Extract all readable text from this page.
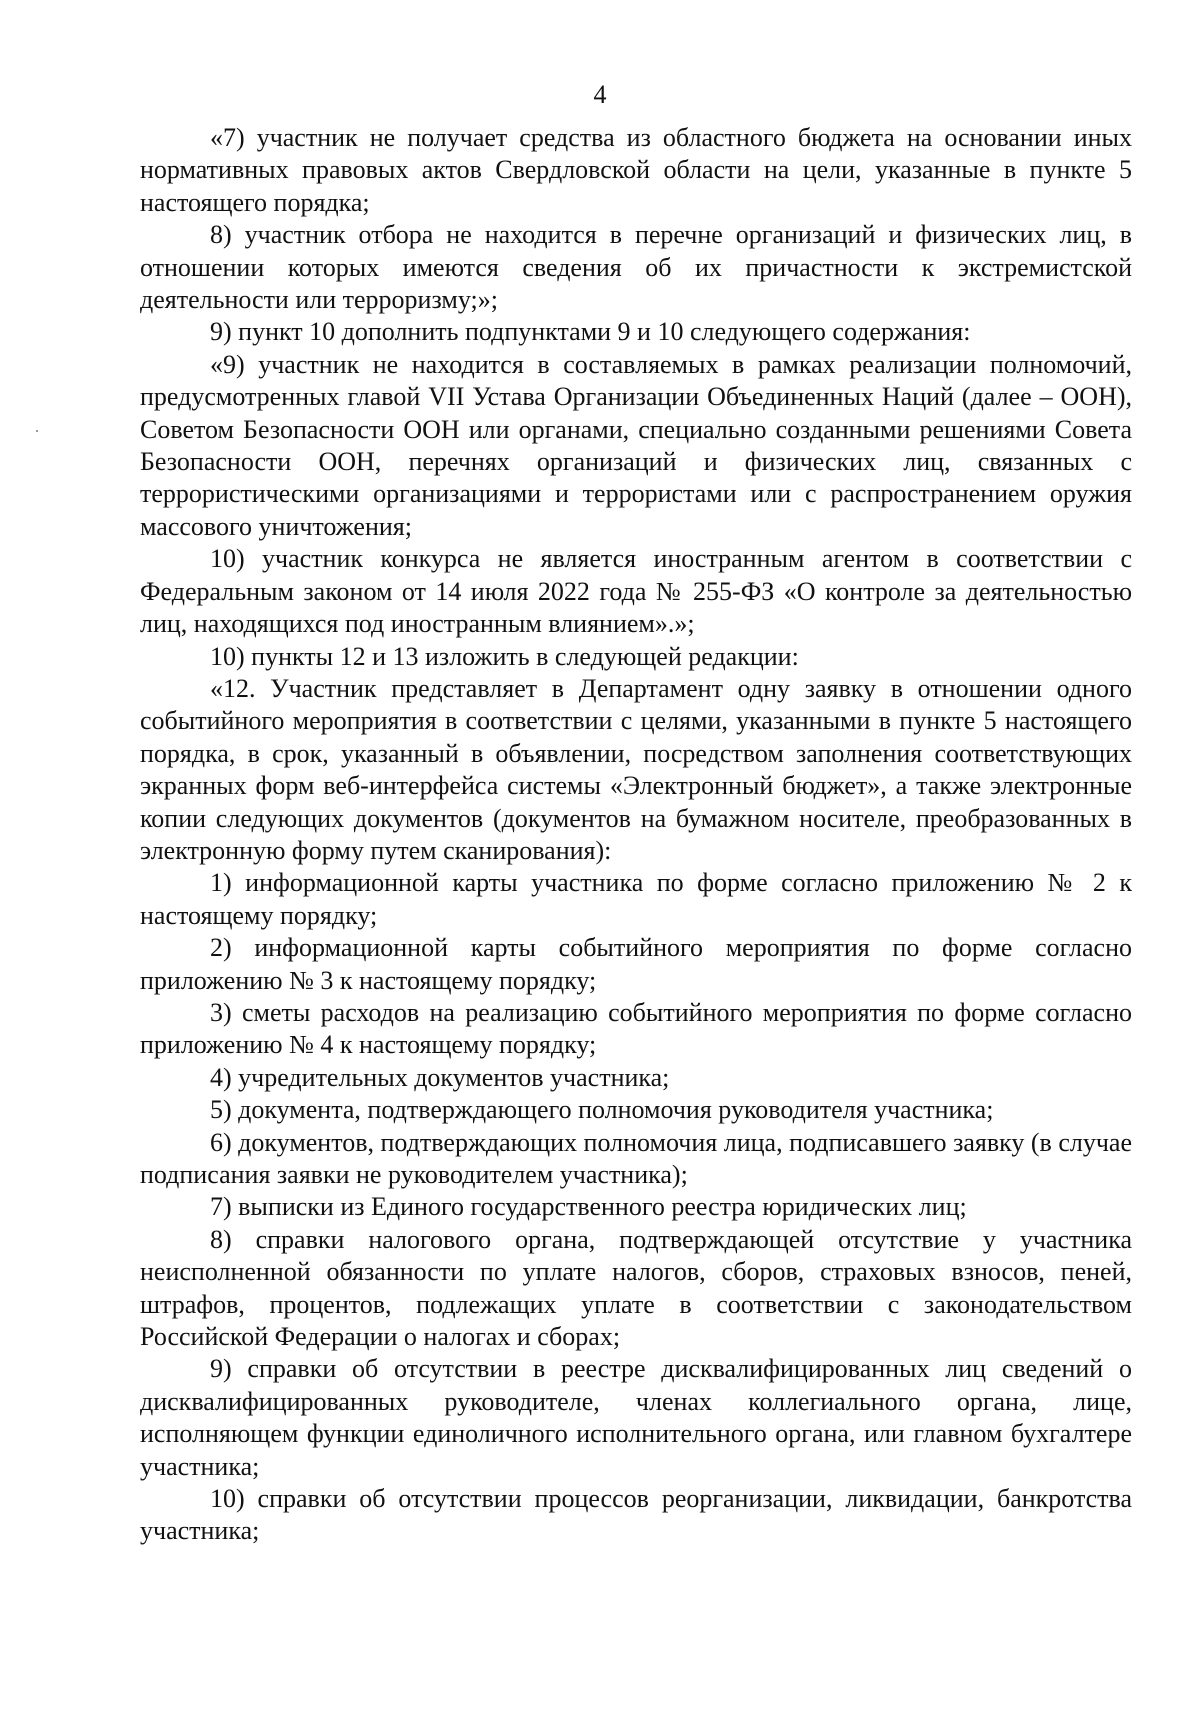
4

«7) участник не получает средства из областного бюджета на основании иных нормативных правовых актов Свердловской области на цели, указанные в пункте 5 настоящего порядка;

8) участник отбора не находится в перечне организаций и физических лиц, в отношении которых имеются сведения об их причастности к экстремистской деятельности или терроризму;»;

9) пункт 10 дополнить подпунктами 9 и 10 следующего содержания:

«9) участник не находится в составляемых в рамках реализации полномочий, предусмотренных главой VII Устава Организации Объединенных Наций (далее – ООН), Советом Безопасности ООН или органами, специально созданными решениями Совета Безопасности ООН, перечнях организаций и физических лиц, связанных с террористическими организациями и террористами или с распространением оружия массового уничтожения;

10) участник конкурса не является иностранным агентом в соответствии с Федеральным законом от 14 июля 2022 года № 255-ФЗ «О контроле за деятельностью лиц, находящихся под иностранным влиянием».»;

10) пункты 12 и 13 изложить в следующей редакции:

«12. Участник представляет в Департамент одну заявку в отношении одного событийного мероприятия в соответствии с целями, указанными в пункте 5 настоящего порядка, в срок, указанный в объявлении, посредством заполнения соответствующих экранных форм веб-интерфейса системы «Электронный бюджет», а также электронные копии следующих документов (документов на бумажном носителе, преобразованных в электронную форму путем сканирования):

1) информационной карты участника по форме согласно приложению № 2 к настоящему порядку;

2) информационной карты событийного мероприятия по форме согласно приложению № 3 к настоящему порядку;

3) сметы расходов на реализацию событийного мероприятия по форме согласно приложению № 4 к настоящему порядку;

4) учредительных документов участника;

5) документа, подтверждающего полномочия руководителя участника;

6) документов, подтверждающих полномочия лица, подписавшего заявку (в случае подписания заявки не руководителем участника);

7) выписки из Единого государственного реестра юридических лиц;

8) справки налогового органа, подтверждающей отсутствие у участника неисполненной обязанности по уплате налогов, сборов, страховых взносов, пеней, штрафов, процентов, подлежащих уплате в соответствии с законодательством Российской Федерации о налогах и сборах;

9) справки об отсутствии в реестре дисквалифицированных лиц сведений о дисквалифицированных руководителе, членах коллегиального органа, лице, исполняющем функции единоличного исполнительного органа, или главном бухгалтере участника;

10) справки об отсутствии процессов реорганизации, ликвидации, банкротства участника;
